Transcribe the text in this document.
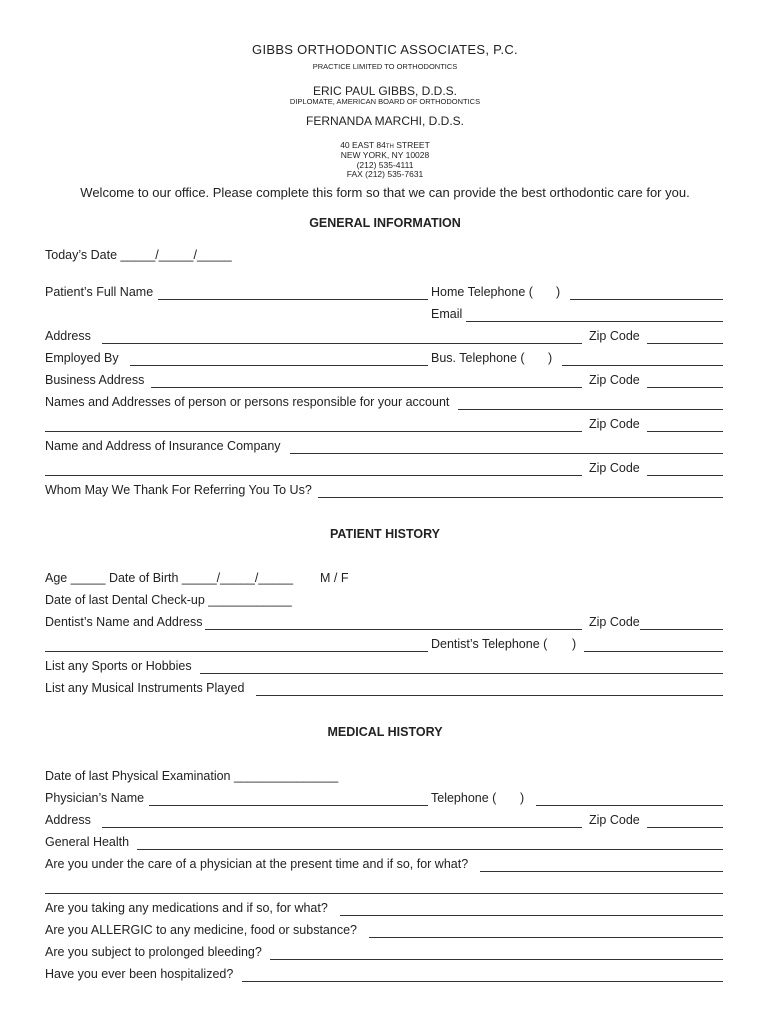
GIBBS ORTHODONTIC ASSOCIATES, P.C.
PRACTICE LIMITED TO ORTHODONTICS
ERIC PAUL GIBBS, D.D.S.
DIPLOMATE, AMERICAN BOARD OF ORTHODONTICS
FERNANDA MARCHI, D.D.S.
40 EAST 84TH STREET
NEW YORK, NY 10028
(212) 535-4111
FAX (212) 535-7631
Welcome to our office. Please complete this form so that we can provide the best orthodontic care for you.
GENERAL INFORMATION
Today’s Date _____/_____/_____
Patient’s Full Name	Home Telephone ( )
Email
Address	Zip Code
Employed By	Bus. Telephone ( )
Business Address	Zip Code
Names and Addresses of person or persons responsible for your account
Zip Code
Name and Address of Insurance Company
Zip Code
Whom May We Thank For Referring You To Us?
PATIENT HISTORY
Age _____ Date of Birth _____/_____/_____ M / F
Date of last Dental Check-up ____________
Dentist’s Name and Address	Zip Code
Dentist’s Telephone ( )
List any Sports or Hobbies
List any Musical Instruments Played
MEDICAL HISTORY
Date of last Physical Examination _______________
Physician’s Name	Telephone ( )
Address	Zip Code
General Health
Are you under the care of a physician at the present time and if so, for what?
Are you taking any medications and if so, for what?
Are you ALLERGIC to any medicine, food or substance?
Are you subject to prolonged bleeding?
Have you ever been hospitalized?
